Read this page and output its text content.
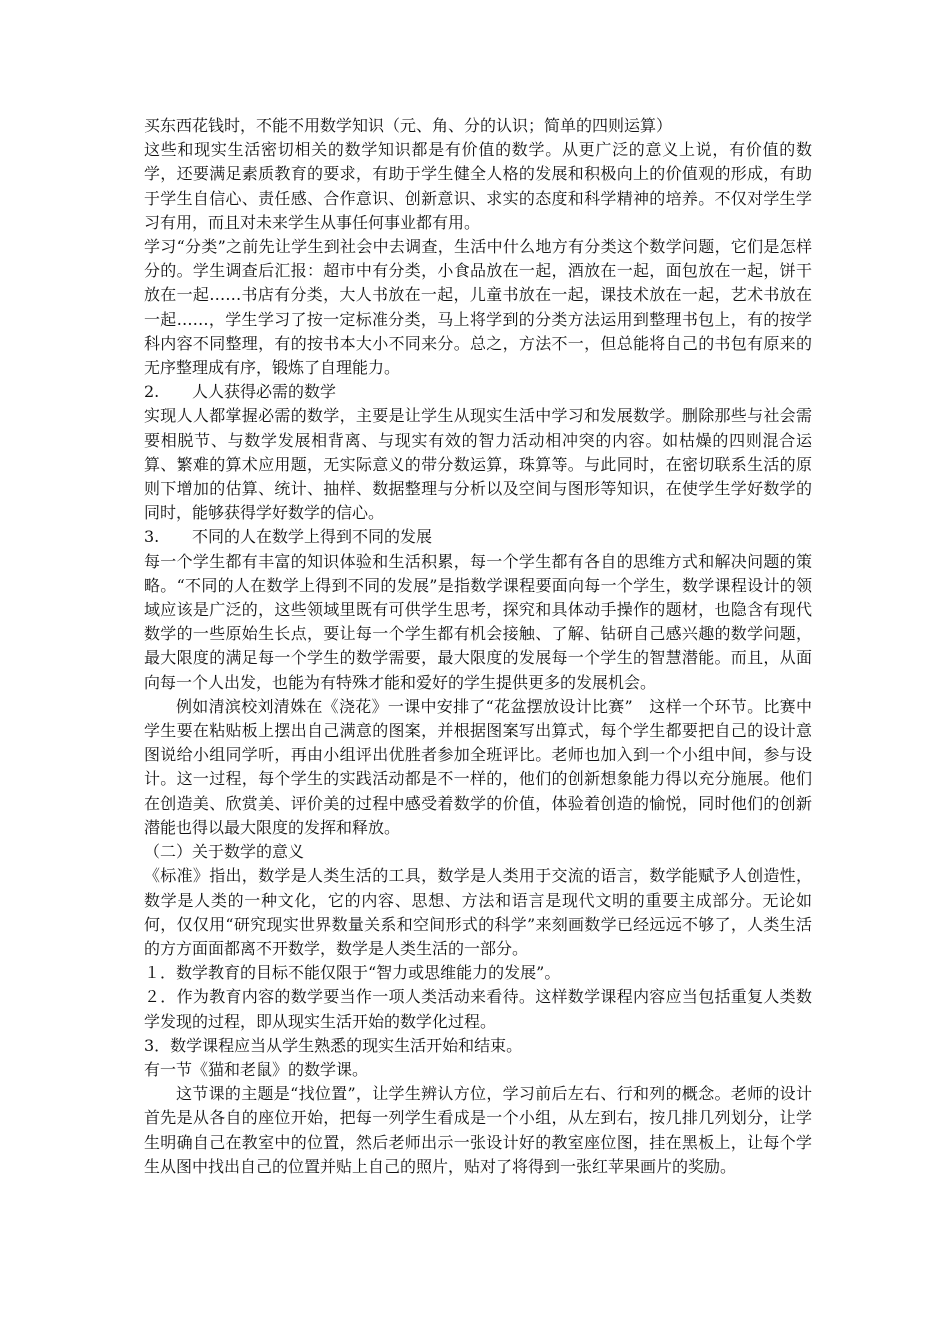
买东西花钱时，不能不用数学知识（元、角、分的认识；简单的四则运算）

这些和现实生活密切相关的数学知识都是有价值的数学。从更广泛的意义上说，有价值的数学，还要满足素质教育的要求，有助于学生健全人格的发展和积极向上的价值观的形成，有助于学生自信心、责任感、合作意识、创新意识、求实的态度和科学精神的培养。不仅对学生学习有用，而且对未来学生从事任何事业都有用。

学习“分类”之前先让学生到社会中去调查，生活中什么地方有分类这个数学问题，它们是怎样分的。学生调查后汇报：超市中有分类，小食品放在一起，酒放在一起，面包放在一起，饼干放在一起……书店有分类，大人书放在一起，儿童书放在一起，课技术放在一起，艺术书放在一起……，学生学习了按一定标准分类，马上将学到的分类方法运用到整理书包上，有的按学科内容不同整理，有的按书本大小不同来分。总之，方法不一，但总能将自己的书包有原来的无序整理成有序，锻炼了自理能力。

2.	人人获得必需的数学

实现人人都掌握必需的数学，主要是让学生从现实生活中学习和发展数学。删除那些与社会需要相脱节、与数学发展相背离、与现实有效的智力活动相冲突的内容。如枯燥的四则混合运算、繁难的算术应用题，无实际意义的带分数运算，珠算等。与此同时，在密切联系生活的原则下增加的估算、统计、抽样、数据整理与分析以及空间与图形等知识，在使学生学好数学的同时，能够获得学好数学的信心。

3.	不同的人在数学上得到不同的发展

每一个学生都有丰富的知识体验和生活积累，每一个学生都有各自的思维方式和解决问题的策略。“不同的人在数学上得到不同的发展”是指数学课程要面向每一个学生，数学课程设计的领域应该是广泛的，这些领域里既有可供学生思考，探究和具体动手操作的题材，也隐含有现代数学的一些原始生长点，要让每一个学生都有机会接触、了解、钻研自己感兴趣的数学问题，最大限度的满足每一个学生的数学需要，最大限度的发展每一个学生的智慧潜能。而且，从面向每一个人出发，也能为有特殊才能和爱好的学生提供更多的发展机会。

例如清滨校刘清姝在《浇花》一课中安排了“花盆摆放设计比赛”　这样一个环节。比赛中学生要在粘贴板上摆出自己满意的图案，并根据图案写出算式，每个学生都要把自己的设计意图说给小组同学听，再由小组评出优胜者参加全班评比。老师也加入到一个小组中间，参与设计。这一过程，每个学生的实践活动都是不一样的，他们的创新想象能力得以充分施展。他们在创造美、欣赏美、评价美的过程中感受着数学的价值，体验着创造的愉悦，同时他们的创新潜能也得以最大限度的发挥和释放。

（二）关于数学的意义

《标准》指出，数学是人类生活的工具，数学是人类用于交流的语言，数学能赋予人创造性，数学是人类的一种文化，它的内容、思想、方法和语言是现代文明的重要主成部分。无论如何，仅仅用“研究现实世界数量关系和空间形式的科学”来刻画数学已经远远不够了，人类生活的方方面面都离不开数学，数学是人类生活的一部分。

１．数学教育的目标不能仅限于“智力或思维能力的发展”。

２．作为教育内容的数学要当作一项人类活动来看待。这样数学课程内容应当包括重复人类数学发现的过程，即从现实生活开始的数学化过程。

3．数学课程应当从学生熟悉的现实生活开始和结束。

有一节《猫和老鼠》的数学课。

这节课的主题是“找位置”，让学生辨认方位，学习前后左右、行和列的概念。老师的设计首先是从各自的座位开始，把每一列学生看成是一个小组，从左到右，按几排几列划分，让学生明确自己在教室中的位置，然后老师出示一张设计好的教室座位图，挂在黑板上，让每个学生从图中找出自己的位置并贴上自己的照片，贴对了将得到一张红苹果画片的奖励。
